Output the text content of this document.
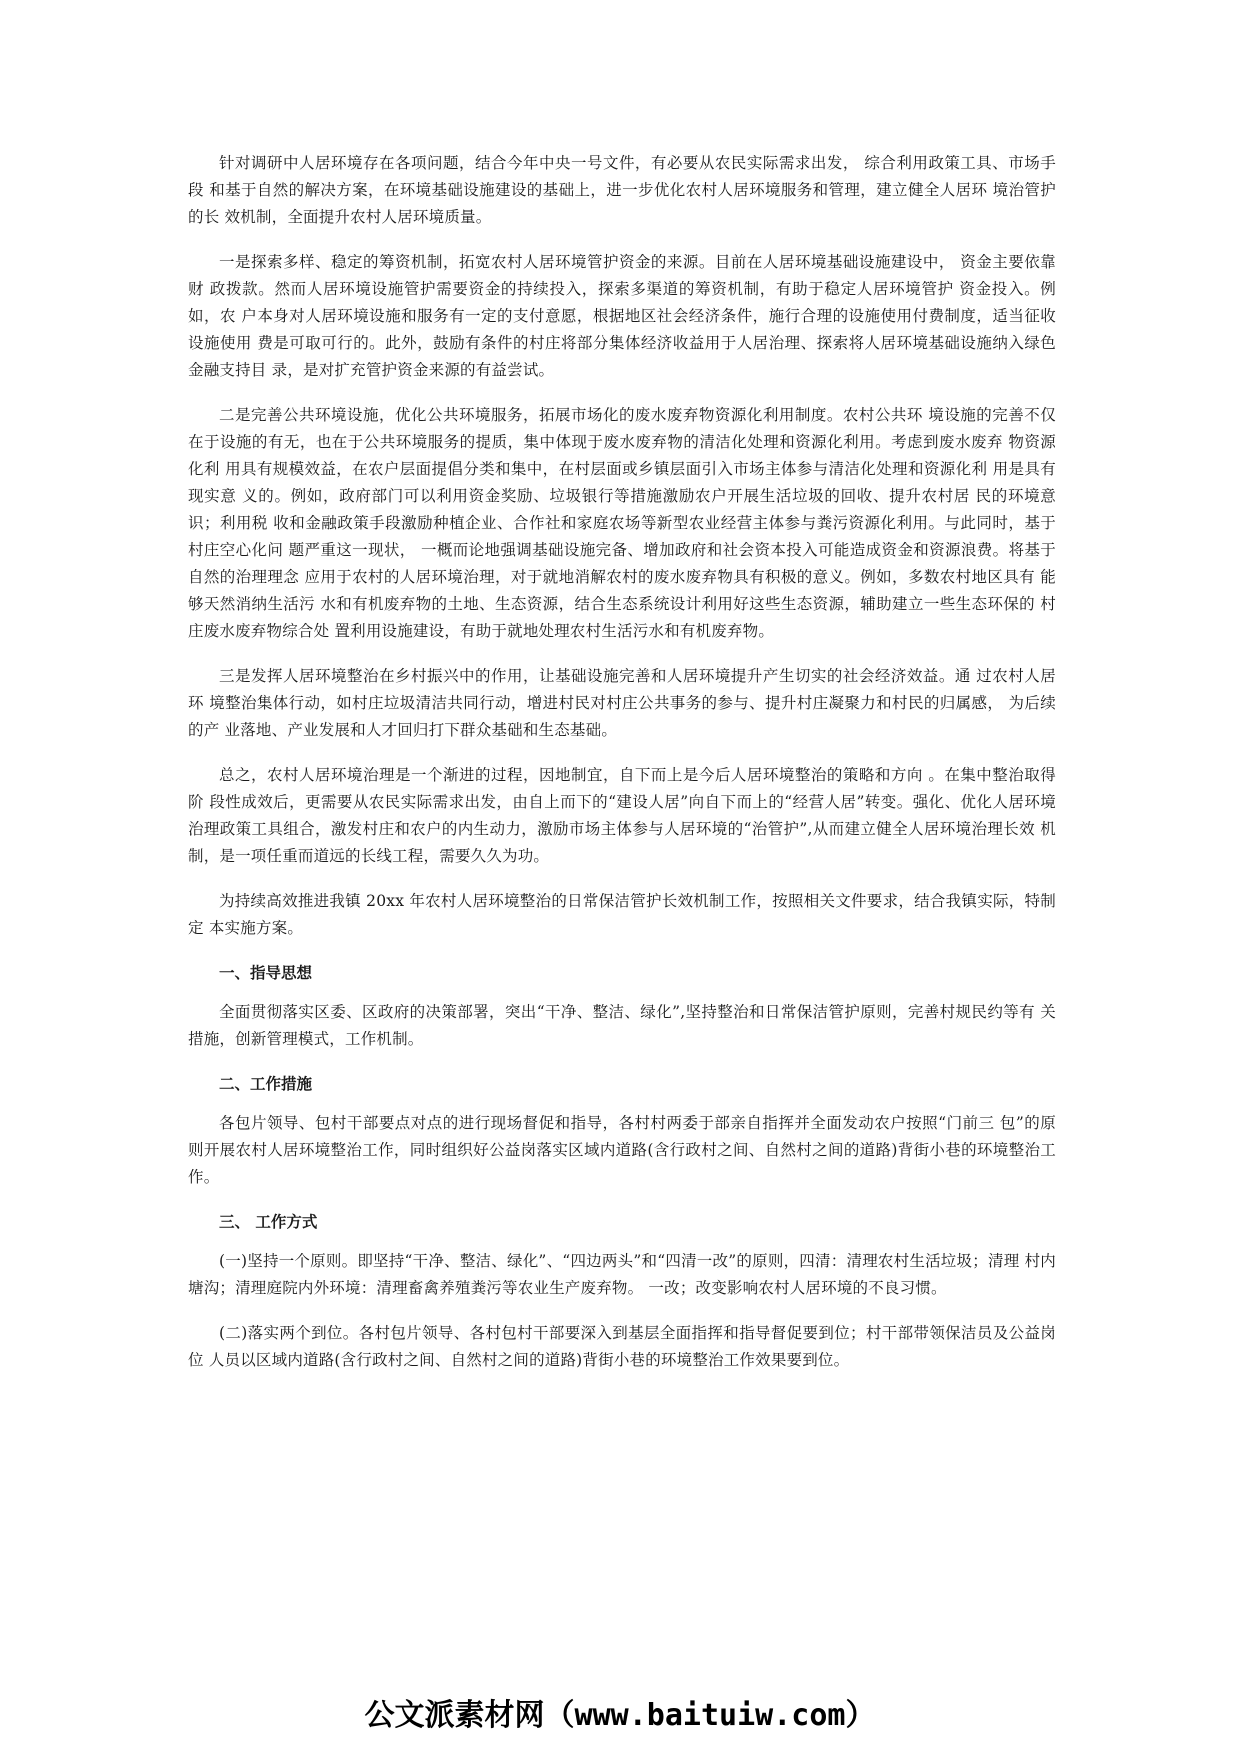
针对调研中人居环境存在各项问题，结合今年中央一号文件，有必要从农民实际需求出发， 综合利用政策工具、市场手段 和基于自然的解决方案，在环境基础设施建设的基础上，进一步优化农村人居环境服务和管理，建立健全人居环 境治管护的长 效机制，全面提升农村人居环境质量。

一是探索多样、稳定的筹资机制，拓宽农村人居环境管护资金的来源。目前在人居环境基础设施建设中， 资金主要依靠财 政拨款。然而人居环境设施管护需要资金的持续投入，探索多渠道的筹资机制，有助于稳定人居环境管护 资金投入。例如，农 户本身对人居环境设施和服务有一定的支付意愿，根据地区社会经济条件，施行合理的设施使用付费制度，适当征收设施使用 费是可取可行的。此外，鼓励有条件的村庄将部分集体经济收益用于人居治理、探索将人居环境基础设施纳入绿色金融支持目 录，是对扩充管护资金来源的有益尝试。

二是完善公共环境设施，优化公共环境服务，拓展市场化的废水废弃物资源化利用制度。农村公共环 境设施的完善不仅在于设施的有无，也在于公共环境服务的提质，集中体现于废水废弃物的清洁化处理和资源化利用。考虑到废水废弃 物资源化利 用具有规模效益，在农户层面提倡分类和集中，在村层面或乡镇层面引入市场主体参与清洁化处理和资源化利 用是具有现实意 义的。例如，政府部门可以利用资金奖励、垃圾银行等措施激励农户开展生活垃圾的回收、提升农村居 民的环境意识；利用税 收和金融政策手段激励种植企业、合作社和家庭农场等新型农业经营主体参与粪污资源化利用。与此同时，基于村庄空心化问 题严重这一现状， 一概而论地强调基础设施完备、增加政府和社会资本投入可能造成资金和资源浪费。将基于自然的治理理念 应用于农村的人居环境治理，对于就地消解农村的废水废弃物具有积极的意义。例如，多数农村地区具有 能够天然消纳生活污 水和有机废弃物的土地、生态资源，结合生态系统设计利用好这些生态资源，辅助建立一些生态环保的 村庄废水废弃物综合处 置利用设施建设，有助于就地处理农村生活污水和有机废弃物。

三是发挥人居环境整治在乡村振兴中的作用，让基础设施完善和人居环境提升产生切实的社会经济效益。通 过农村人居环 境整治集体行动，如村庄垃圾清洁共同行动，增进村民对村庄公共事务的参与、提升村庄凝聚力和村民的归属感， 为后续的产 业落地、产业发展和人才回归打下群众基础和生态基础。

总之，农村人居环境治理是一个渐进的过程，因地制宜，自下而上是今后人居环境整治的策略和方向 。在集中整治取得阶 段性成效后，更需要从农民实际需求出发，由自上而下的“建设人居”向自下而上的“经营人居”转变。强化、优化人居环境 治理政策工具组合，激发村庄和农户的内生动力，激励市场主体参与人居环境的“治管护”,从而建立健全人居环境治理长效 机制，是一项任重而道远的长线工程，需要久久为功。

为持续高效推进我镇 20xx 年农村人居环境整治的日常保洁管护长效机制工作，按照相关文件要求，结合我镇实际，特制定 本实施方案。

一、指导思想

全面贯彻落实区委、区政府的决策部署，突出“干净、整洁、绿化”,坚持整治和日常保洁管护原则，完善村规民约等有 关措施，创新管理模式，工作机制。

二、工作措施

各包片领导、包村干部要点对点的进行现场督促和指导，各村村两委于部亲自指挥并全面发动农户按照“门前三 包”的原 则开展农村人居环境整治工作，同时组织好公益岗落实区域内道路(含行政村之间、自然村之间的道路)背街小巷的环境整治工 作。

三、 工作方式

(一)坚持一个原则。即坚持“干净、整洁、绿化”、“四边两头”和“四清一改”的原则，四清：清理农村生活垃圾；清理 村内塘沟；清理庭院内外环境：清理畜禽养殖粪污等农业生产废弃物。 一改；改变影响农村人居环境的不良习惯。

(二)落实两个到位。各村包片领导、各村包村干部要深入到基层全面指挥和指导督促要到位；村干部带领保洁员及公益岗位 人员以区域内道路(含行政村之间、自然村之间的道路)背街小巷的环境整治工作效果要到位。

公文派素材网（www.baituiw.com）
